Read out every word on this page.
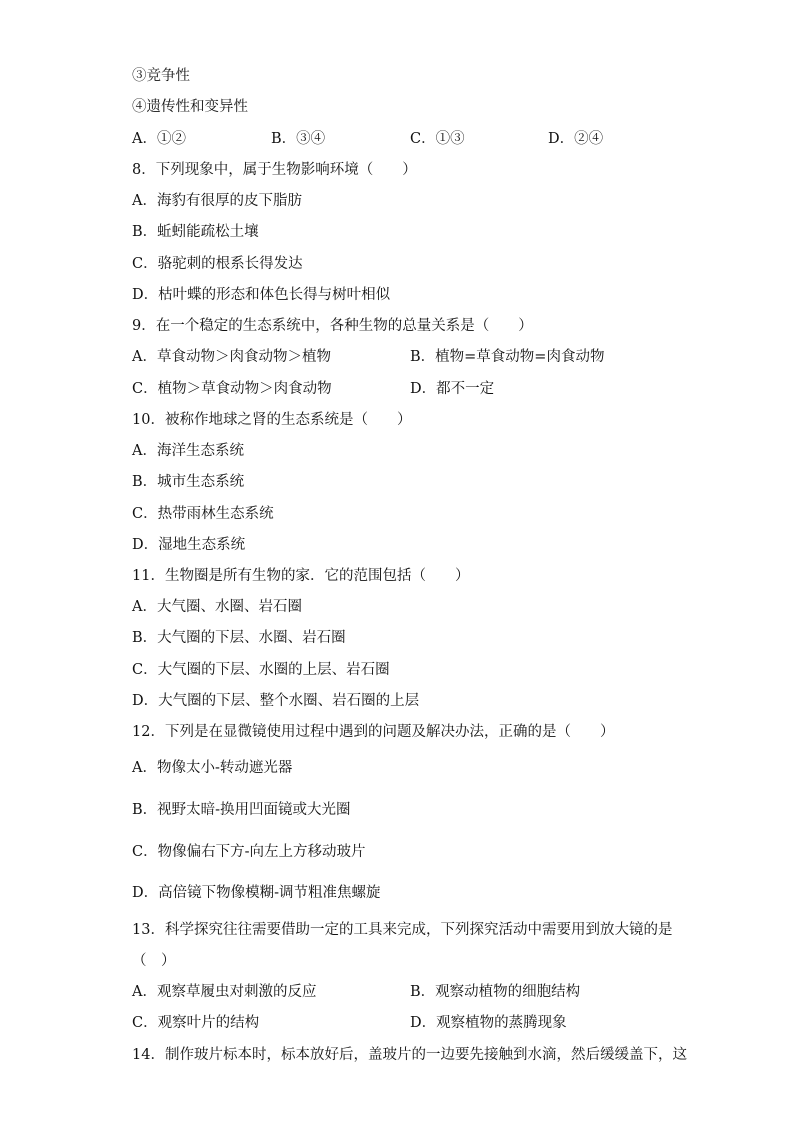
③竞争性
④遗传性和变异性
A．①②	B．③④	C．①③	D．②④
8．下列现象中，属于生物影响环境（　　）
A．海豹有很厚的皮下脂肪
B．蚯蚓能疏松土壤
C．骆驼刺的根系长得发达
D．枯叶蝶的形态和体色长得与树叶相似
9．在一个稳定的生态系统中，各种生物的总量关系是（　　）
A．草食动物＞肉食动物＞植物	B．植物=草食动物=肉食动物
C．植物＞草食动物＞肉食动物	D．都不一定
10．被称作地球之肾的生态系统是（　　）
A．海洋生态系统
B．城市生态系统
C．热带雨林生态系统
D．湿地生态系统
11．生物圈是所有生物的家．它的范围包括（　　）
A．大气圈、水圈、岩石圈
B．大气圈的下层、水圈、岩石圈
C．大气圈的下层、水圈的上层、岩石圈
D．大气圈的下层、整个水圈、岩石圈的上层
12．下列是在显微镜使用过程中遇到的问题及解决办法，正确的是（　　）
A．物像太小-转动遮光器
B．视野太暗-换用凹面镜或大光圈
C．物像偏右下方-向左上方移动玻片
D．高倍镜下物像模糊-调节粗准焦螺旋
13．科学探究往往需要借助一定的工具来完成，下列探究活动中需要用到放大镜的是
（　）
A．观察草履虫对刺激的反应	B．观察动植物的细胞结构
C．观察叶片的结构	D．观察植物的蒸腾现象
14．制作玻片标本时，标本放好后，盖玻片的一边要先接触到水滴，然后缓缓盖下，这
